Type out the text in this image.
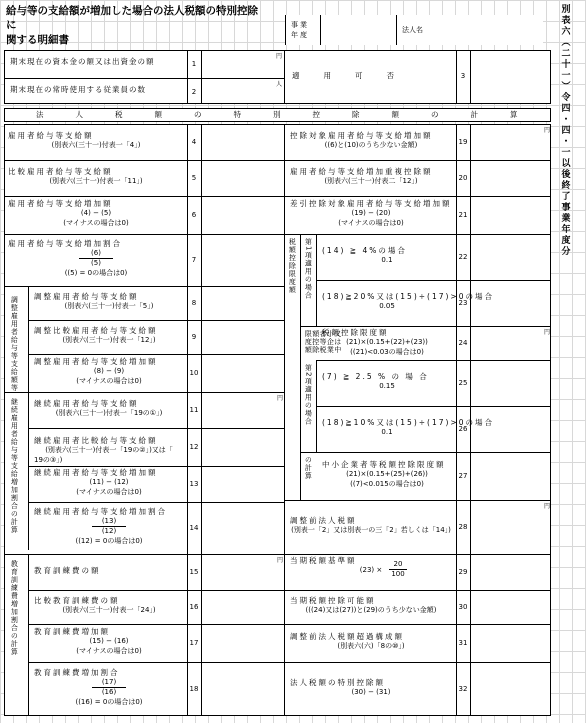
給与等の支給額が増加した場合の法人税額の特別控除
に
関する明細書
事業年度
法人名	別表六（二十一）令四・四・一以後終了事業年度分
期末現在の資本金の額又は出資金の額	1
円
期末現在の常時使用する従業員の数	2
人
適用可否	3
法人税額の特別控除額の計算
調整雇用者給与等支給額等
継続雇用者給与等支給増加割合の計算
教育訓練費増加割合の計算
税額控除限度額 第1項適用の場合
又は中小企業者等税額控除限度額
第2項適用の場合
の計算
雇用者給与等支給額
(別表六(三十一)付表一「4」)	4
比較雇用者給与等支給額
(別表六(三十一)付表一「11」)	5
雇用者給与等支給増加額
(4) − (5)
(マイナスの場合は0)
6
雇用者給与等支給増加割合
(6)
(5)
((5) = 0の場合は0)
7
調整雇用者給与等支給額
(別表六(三十一)付表一「5」)	8
調整比較雇用者給与等支給額
(別表六(三十一)付表一「12」)	9
調整雇用者給与等支給増加額
(8) − (9)
(マイナスの場合は0)
10
継続雇用者給与等支給額
(別表六(三十一)付表一「19の①」)	11
円
継続雇用者比較給与等支給額
(別表六(三十一)付表一「19の②」)又は「
19の③」)
12
継続雇用者給与等支給増加額
(11) − (12)
(マイナスの場合は0)
13
継続雇用者給与等支給増加割合
(13)
(12)
((12) = 0の場合は0)
14
教育訓練費の額	15
円
比較教育訓練費の額
(別表六(三十一)付表一「24」)	16
教育訓練費増加額
(15) − (16)
(マイナスの場合は0)
17
教育訓練費増加割合
(17)
(16)
((16) = 0の場合は0)
18
控除対象雇用者給与等支給増加額
((6)と(10)のうち少ない金額)	19
円
雇用者給与等支給増加重複控除額
(別表六(三十一)付表二「12」)	20
差引控除対象雇用者給与等支給増加額
(19) − (20)
(マイナスの場合は0)
21
(14) ≧ 4%の場合
0.1	22
(18)≧20%又は(15)÷(17)>0の場合
0.05	23
税額控除限度額
(21)×(0.15+(22)+(23))
((21)<0.03の場合は0)
24
円
(7) ≧ 2.5 % の 場 合
0.15	25
(18)≧10%又は(15)÷(17)>0の場合
0.1	26
中小企業者等税額控除限度額
(21)×(0.15+(25)+(26))
((7)<0.015の場合は0)
27
調整前法人税額
(別表一「2」又は別表一の三「2」若しくは「14」)	28
円
当期税額基準額
(23) ×
20
100	29
当期税額控除可能額
(((24)又は(27))と(29)のうち少ない金額)	30
調整前法人税額超過構成額
(別表六(六)「8の⑩」)	31
法人税額の特別控除額
(30) − (31)	32
